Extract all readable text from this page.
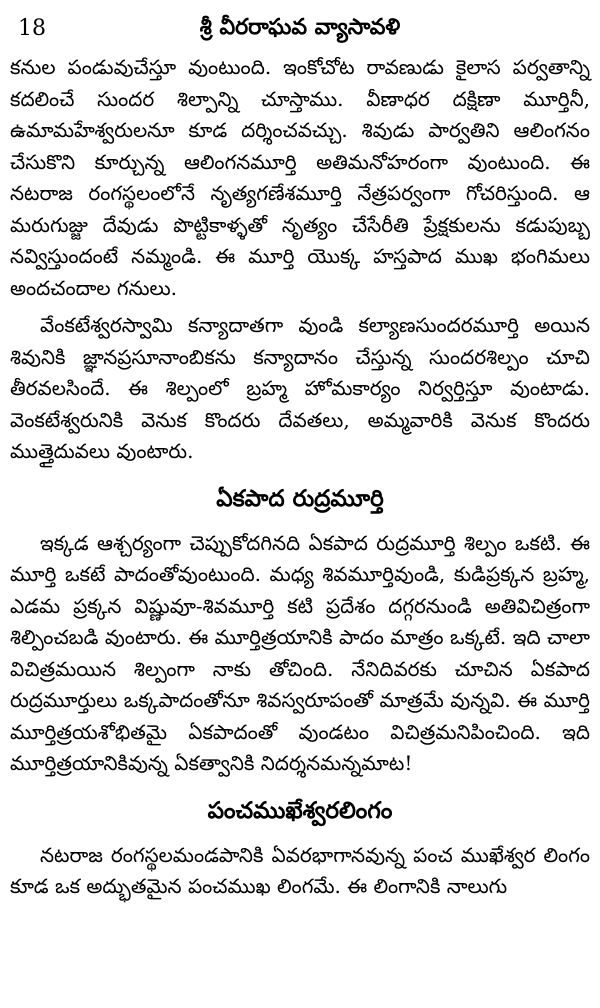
18	శ్రీ వీరరాఘవ వ్యాసావళి

కనుల పండువుచేస్తూ వుంటుంది. ఇంకోచోట రావణుడు కైలాస పర్వతాన్ని కదలించే సుందర శిల్పాన్ని చూస్తాము. వీణాధర దక్షిణా మూర్తినీ, ఉమామహేశ్వరులనూ కూడ దర్శించవచ్చు. శివుడు పార్వతిని ఆలింగనం చేసుకొని కూర్చున్న ఆలింగనమూర్తి అతిమనోహరంగా వుంటుంది. ఈ నటరాజ రంగస్థలంలోనే నృత్యగణేశమూర్తి నేత్రపర్వంగా గోచరిస్తుంది. ఆ మరుగుజ్జు దేవుడు పొట్టికాళ్ళతో నృత్యం చేసేరీతి ప్రేక్షకులను కడుపుబ్బ నవ్విస్తుందంటే నమ్మండి. ఈ మూర్తి యొక్క హస్తపాద ముఖ భంగిమలు అందచందాల గనులు.

వేంకటేశ్వరస్వామి కన్యాదాతగా వుండి కల్యాణసుందరమూర్తి అయిన శివునికి జ్ఞానప్రసూనాంబికను కన్యాదానం చేస్తున్న సుందరశిల్పం చూచి తీరవలసిందే. ఈ శిల్పంలో బ్రహ్మ హోమకార్యం నిర్వర్తిస్తూ వుంటాడు. వెంకటేశ్వరునికి వెనుక కొందరు దేవతలు, అమ్మవారికి వెనుక కొందరు ముత్తైదువలు వుంటారు.

ఏకపాద రుద్రమూర్తి

ఇక్కడ ఆశ్చర్యంగా చెప్పుకోదగినది ఏకపాద రుద్రమూర్తి శిల్పం ఒకటి. ఈ మూర్తి ఒకటే పాదంతోవుంటుంది. మధ్య శివమూర్తివుండి, కుడిప్రక్కన బ్రహ్మ, ఎడమ ప్రక్కన విష్ణువూ-శివమూర్తి కటి ప్రదేశం దగ్గరనుండి అతివిచిత్రంగా శిల్పించబడి వుంటారు. ఈ మూర్తిత్రయానికి పాదం మాత్రం ఒక్కటే. ఇది చాలా విచిత్రమయిన శిల్పంగా నాకు తోచింది. నేనిదివరకు చూచిన ఏకపాద రుద్రమూర్తులు ఒక్కపాదంతోనూ శివస్వరూపంతో మాత్రమే వున్నవి. ఈ మూర్తి మూర్తిత్రయశోభితమై ఏకపాదంతో వుండటం విచిత్రమనిపించింది. ఇది మూర్తిత్రయానికివున్న ఏకత్వానికి నిదర్శనమన్నమాట!

పంచముఖేశ్వరలింగం

నటరాజ రంగస్థలమండపానికి ఏవరభాగానవున్న పంచ ముఖేశ్వర లింగం కూడ ఒక అద్భుతమైన పంచముఖ లింగమే. ఈ లింగానికి నాలుగు
